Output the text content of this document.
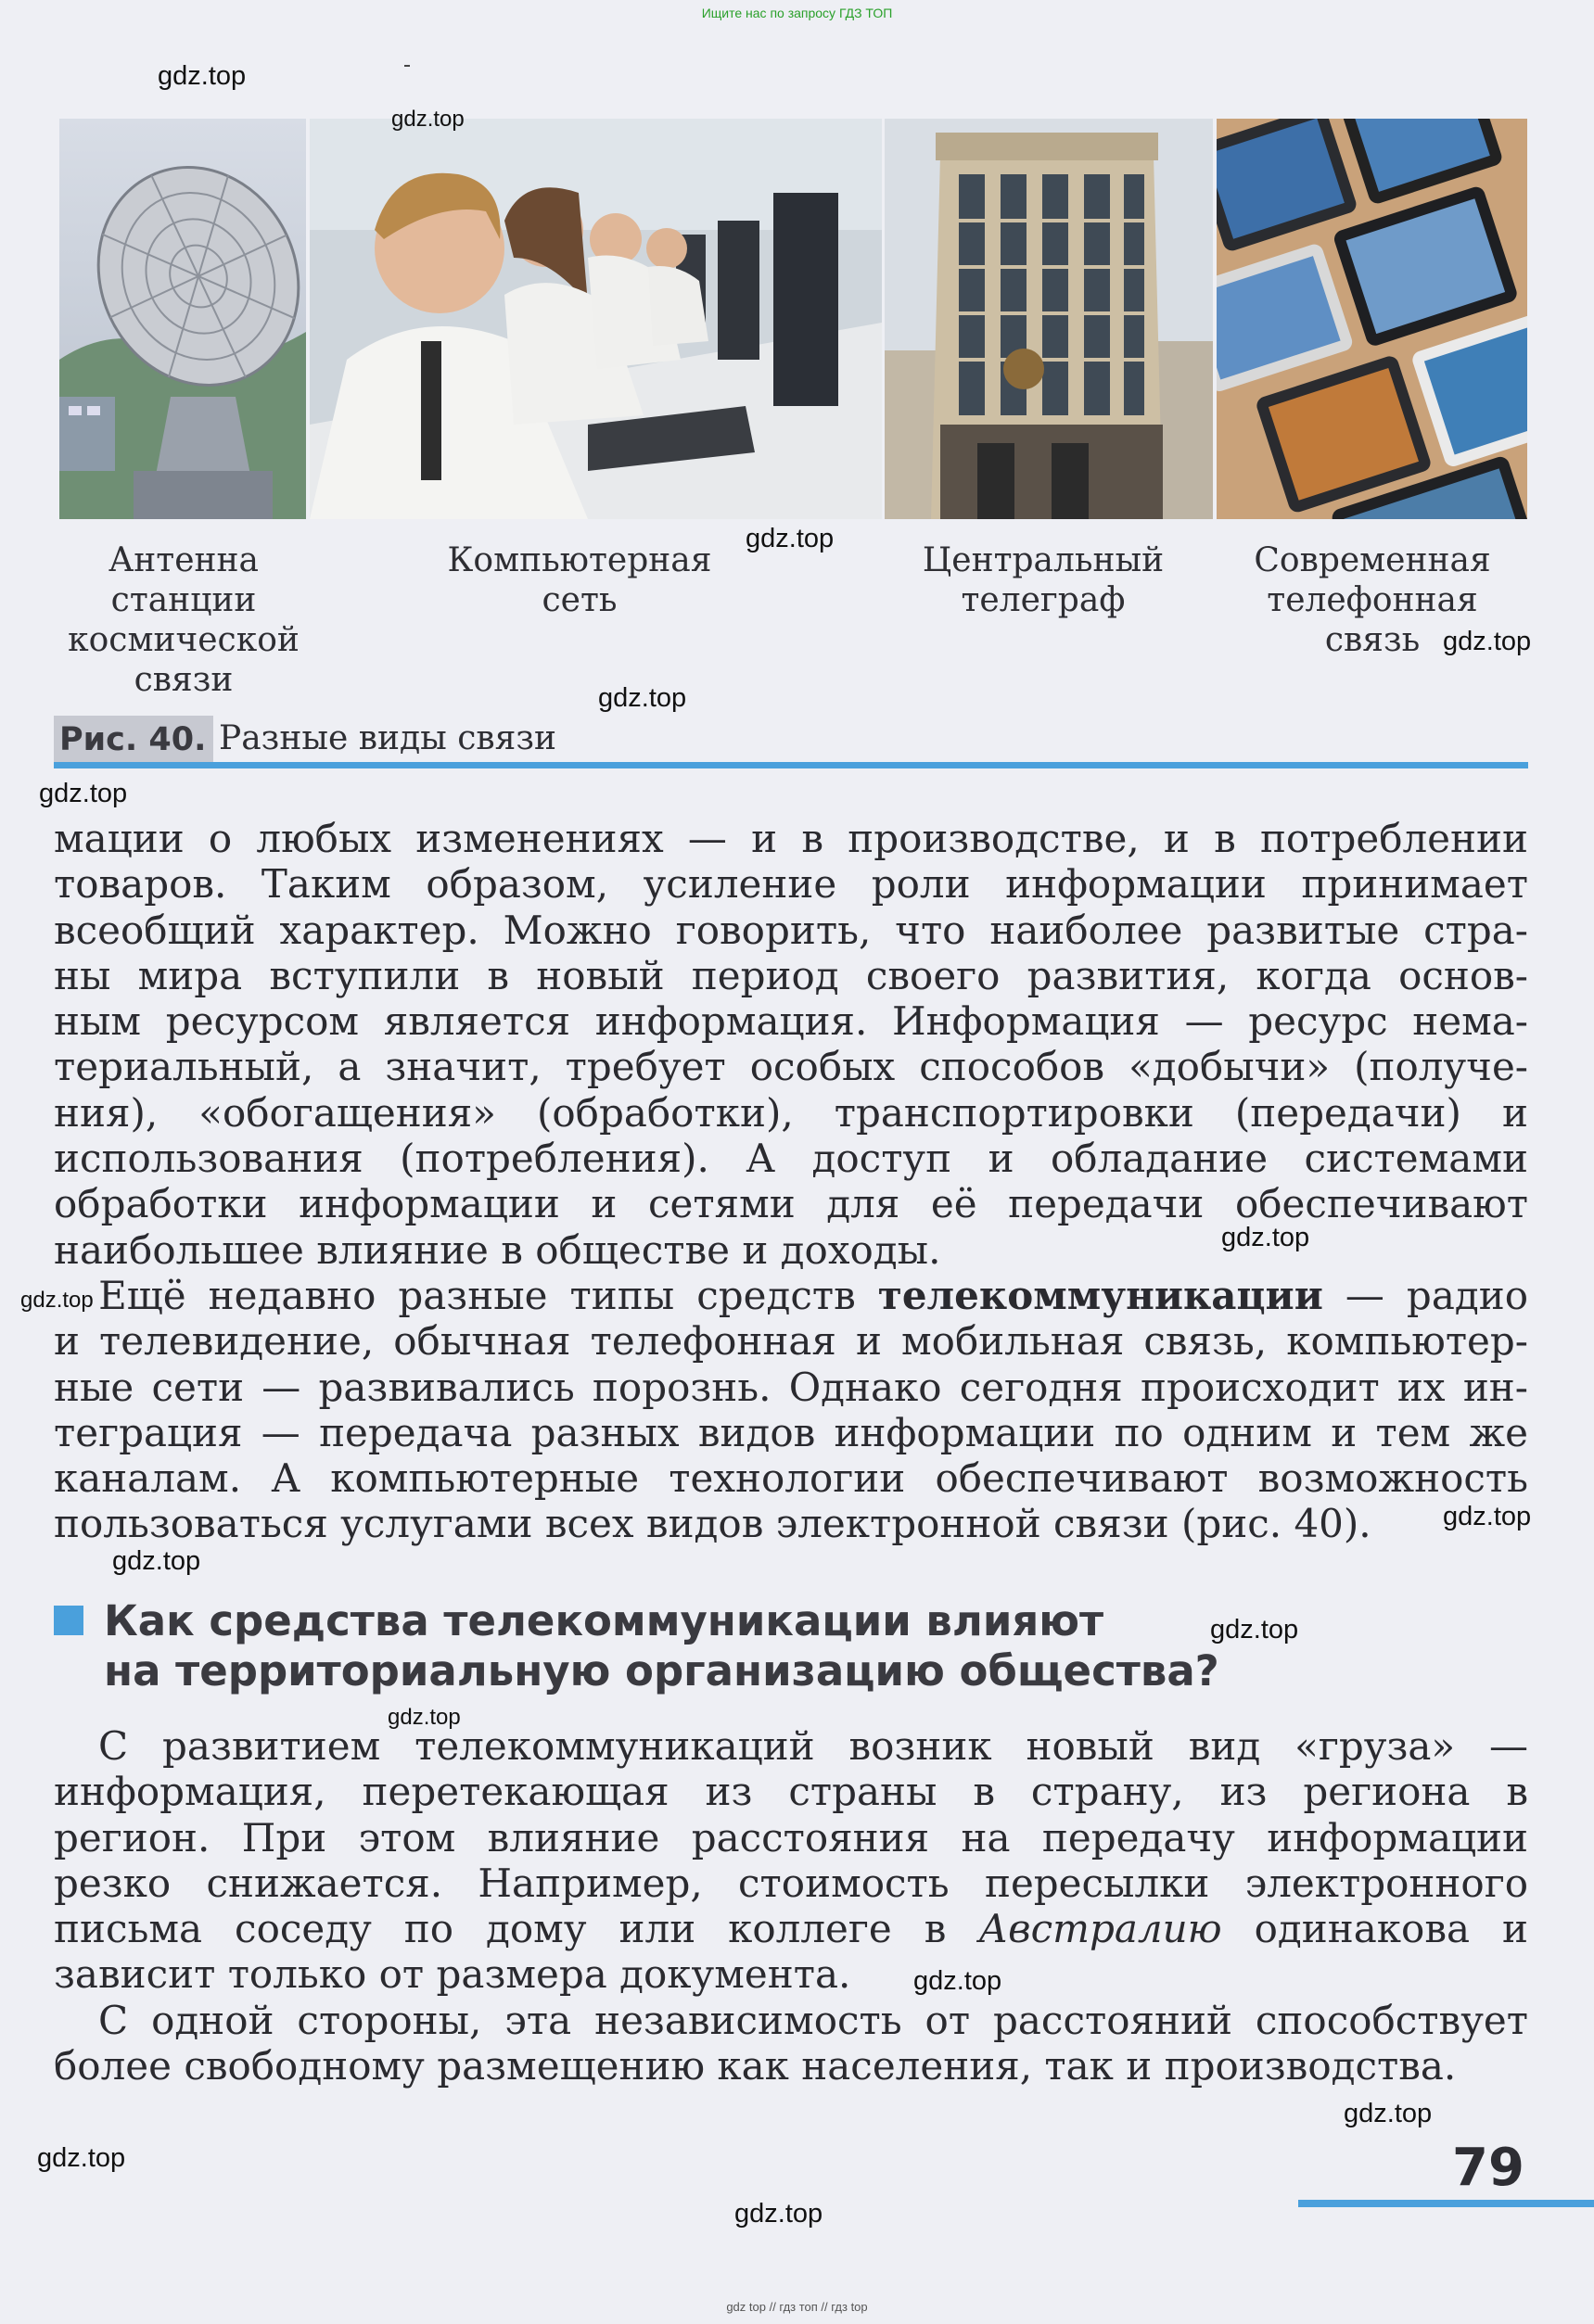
Ищите нас по запросу ГДЗ ТОП
Антенна
станции
космической
связи
Компьютерная
сеть
Центральный
телеграф
Современная
телефонная
связь
Рис. 40. Разные виды связи
мации о любых изменениях — и в производстве, и в потреблении
товаров. Таким образом, усиление роли информации принимает
всеобщий характер. Можно говорить, что наиболее развитые стра-
ны мира вступили в новый период своего развития, когда основ-
ным ресурсом является информация. Информация — ресурс нема-
териальный, а значит, требует особых способов «добычи» (получе-
ния), «обогащения» (обработки), транспортировки (передачи) и
использования (потребления). А доступ и обладание системами
обработки информации и сетями для её передачи обеспечивают
наибольшее влияние в обществе и доходы.
Ещё недавно разные типы средств телекоммуникации — радио
и телевидение, обычная телефонная и мобильная связь, компьютер-
ные сети — развивались порознь. Однако сегодня происходит их ин-
теграция — передача разных видов информации по одним и тем же
каналам. А компьютерные технологии обеспечивают возможность
пользоваться услугами всех видов электронной связи (рис. 40).
Как средства телекоммуникации влияют
на территориальную организацию общества?
С развитием телекоммуникаций возник новый вид «груза» —
информация, перетекающая из страны в страну, из региона в
регион. При этом влияние расстояния на передачу информации
резко снижается. Например, стоимость пересылки электронного
письма соседу по дому или коллеге в Австралию одинакова и
зависит только от размера документа.
С одной стороны, эта независимость от расстояний способствует
более свободному размещению как населения, так и производства.
79
gdz.top
gdz.top
gdz.top
gdz.top
gdz.top
gdz.top
gdz.top
gdz.top
gdz.top
gdz.top
gdz.top
gdz.top
gdz.top
gdz.top
gdz.top
gdz.top
gdz top // гдз топ // гдз top
